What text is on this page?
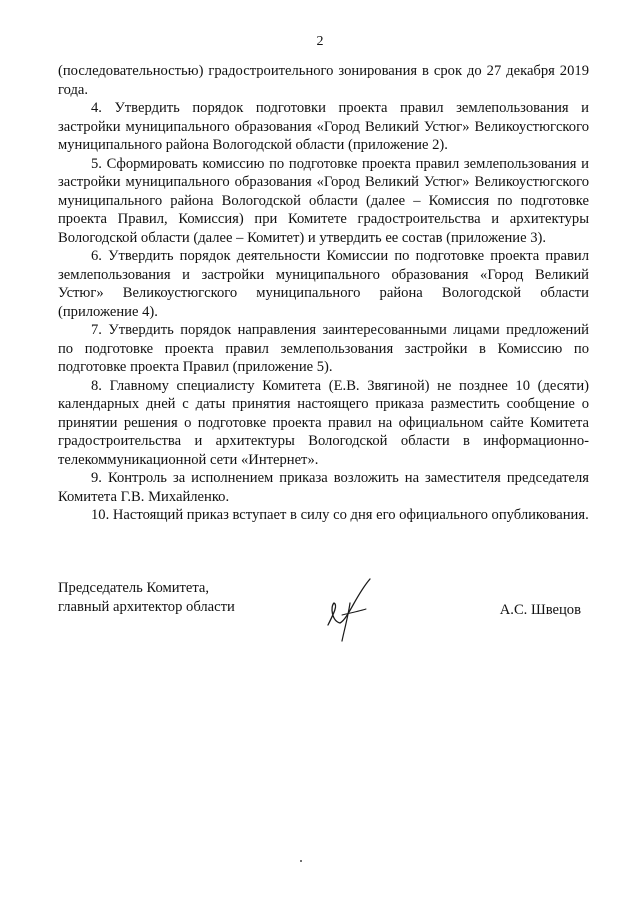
2

(последовательностью) градостроительного зонирования в срок до 27 декабря 2019 года.

4. Утвердить порядок подготовки проекта правил землепользования и застройки муниципального образования «Город Великий Устюг» Великоустюгского муниципального района Вологодской области (приложение 2).

5. Сформировать комиссию по подготовке проекта правил землепользования и застройки муниципального образования «Город Великий Устюг» Великоустюгского муниципального района Вологодской области (далее – Комиссия по подготовке проекта Правил, Комиссия) при Комитете градостроительства и архитектуры Вологодской области (далее – Комитет) и утвердить ее состав (приложение 3).

6. Утвердить порядок деятельности Комиссии по подготовке проекта правил землепользования и застройки муниципального образования «Город Великий Устюг» Великоустюгского муниципального района Вологодской области (приложение 4).

7. Утвердить порядок направления заинтересованными лицами предложений по подготовке проекта правил землепользования застройки в Комиссию по подготовке проекта Правил (приложение 5).

8. Главному специалисту Комитета (Е.В. Звягиной) не позднее 10 (десяти) календарных дней с даты принятия настоящего приказа разместить сообщение о принятии решения о подготовке проекта правил на официальном сайте Комитета градостроительства и архитектуры Вологодской области в информационно-телекоммуникационной сети «Интернет».

9. Контроль за исполнением приказа возложить на заместителя председателя Комитета Г.В. Михайленко.

10. Настоящий приказ вступает в силу со дня его официального опубликования.

Председатель Комитета,
главный архитектор области	А.С. Швецов
